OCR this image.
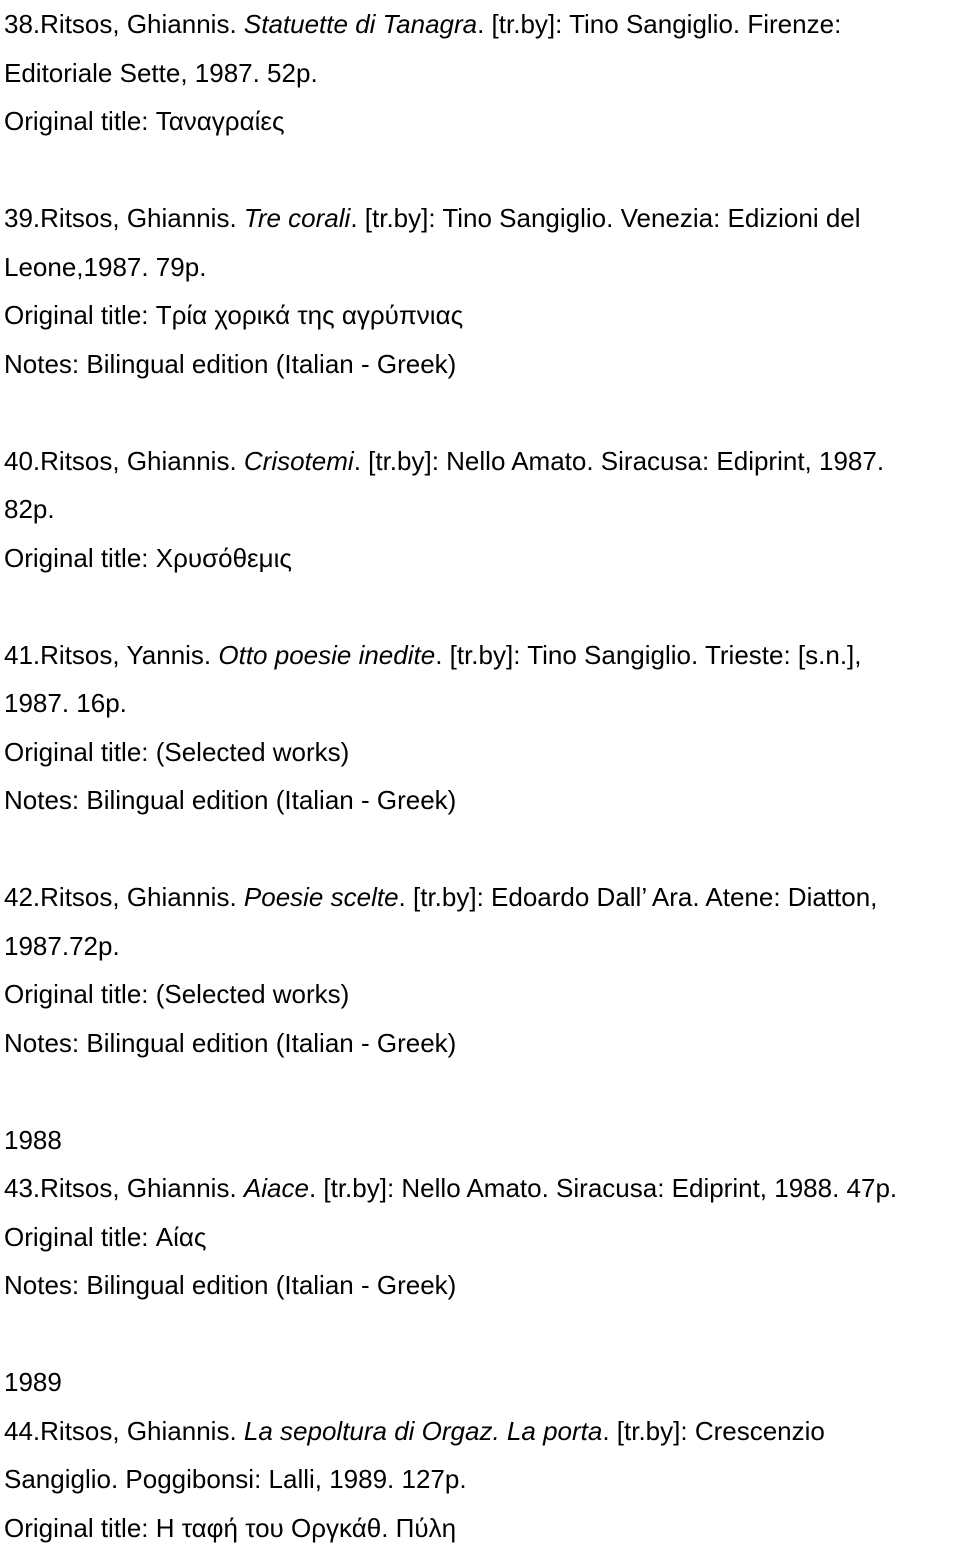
38.Ritsos, Ghiannis. Statuette di Tanagra. [tr.by]: Tino Sangiglio. Firenze:
Editoriale Sette, 1987. 52p.
Original title: Ταναγραίες
39.Ritsos, Ghiannis. Tre corali. [tr.by]: Tino Sangiglio. Venezia: Edizioni del
Leone,1987. 79p.
Original title: Τρία χορικά της αγρύπνιας
Notes: Bilingual edition (Italian - Greek)
40.Ritsos, Ghiannis. Crisotemi. [tr.by]: Nello Amato. Siracusa: Ediprint, 1987.
82p.
Original title: Χρυσόθεμις
41.Ritsos, Yannis. Otto poesie inedite. [tr.by]: Tino Sangiglio. Trieste: [s.n.],
1987. 16p.
Original title: (Selected works)
Notes: Bilingual edition (Italian - Greek)
42.Ritsos, Ghiannis. Poesie scelte. [tr.by]: Edoardo Dall’ Ara. Atene: Diatton,
1987.72p.
Original title: (Selected works)
Notes: Bilingual edition (Italian - Greek)
1988
43.Ritsos, Ghiannis. Aiace. [tr.by]: Nello Amato. Siracusa: Ediprint, 1988. 47p.
Original title: Αίας
Notes: Bilingual edition (Italian - Greek)
1989
44.Ritsos, Ghiannis. La sepoltura di Orgaz. La porta. [tr.by]: Crescenzio
Sangiglio. Poggibonsi: Lalli, 1989. 127p.
Original title: Η ταφή του Οργκάθ. Πύλη
